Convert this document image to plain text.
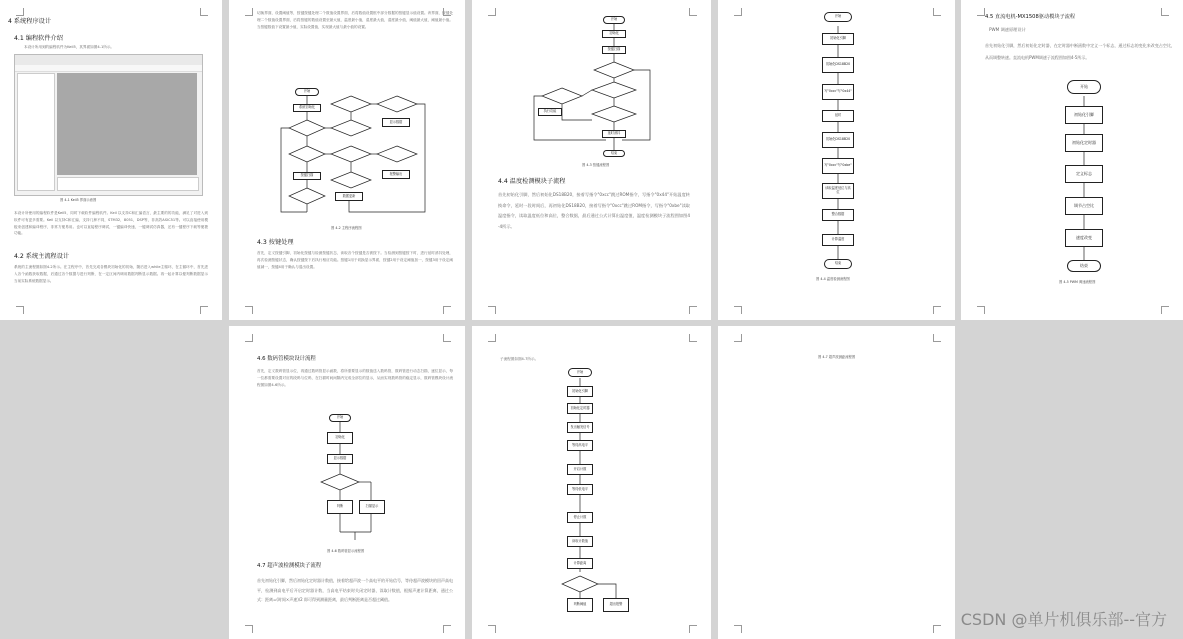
4 系统程序设计
4.1 编程软件介绍
本设计所用到的编程软件为Keil5，其界面如图4-1所示。
图 4-1 Keil5 界面示意图
本设计所使用的编程软件是Keil5，同时下载软件编程软件。Keil 以支持C和汇编语言，最主要的的功能，满足了对进入到软件可有更多需要。Keil 以支持C和汇编，支持几种不同，STM32，8051，DSP等，非高效ASIC51等。可以直接使用模板来创建和编译程序，非常方便易用。也可以直接程序调试，一键编译快速，一键调试仿真器，还有一键程序下载等便捷功能。
4.2 系统主流程设计
系统的主流程图如图4-2所示。在主程序中，首先完成各模块初始化的初始，随后进入while主循环，在主循环中，首先进入各个函数获取数据，后通过各个数据与进行判断，在一定区间内调用数据判断显示数据。再一起计算以便判断数据显示当前实际系统数据显示。
切换界面，设置阈值等，按键按键处理二个数值设置界面，后将数值设置框中部分数据的按键显示值设置。该界面，按键处理二个数值设置界面，后将按键的数值设置至最大值，温度最小值，湿度最大值，湿度最小值，阈值最大值，阈值最小值。当按键数值下设置最小值，实际设置值，实现最大值与最小值的设置。
开始
系统初始化
按键扫描
显示数据
报警输出
数据更新
图 4-2 主程序流程图
4.3 按键处理
首先，定义按键引脚，初始化按键与检测按键状态，读取各个按键是否被按下。当检测到按键按下时，进行延时消抖处理，再次检测按键状态，确认按键按下后执行相应功能。按键1用于切换显示界面，按键2用于设定阈值加一，按键3用于设定阈值减一，按键4用于确认与退出设置。
开始
初始化
按键扫描
延时消抖
执行功能
结束
图 4-3 按键流程图
4.4 温度检测模块子流程
首先初始化引脚，然后初始化DS18B20，接着写指令"0xcc"跳过ROM指令，写指令"0x44"开始温度转换命令，延时一段时间后，再初始化DS18B20，接着写指令"0xcc"跳过ROM指令，写指令"0xbe"读取温度指令，读取温度低位和高位，整合数据，最后通过公式计算出温度值，温度检测模块子流程图如图4-4所示。
开始
初始化引脚
初始化DS18B20
写"0xcc"写"0x44"
延时
初始化DS18B20
写"0xcc"写"0xbe"
读取温度低位与高位
整合数据
计算温度
结束
图 4-4 温度检测流程图
4.5 直流电机-MX1508驱动模块子流程
PWM 调速原理设计
首先初始化引脚，然后初始化定时器，在定时器中断函数中定义一个标志，通过标志的变化来改变占空比，从而调整转速。直流电机PWM调速子流程图如图4-5所示。
开始
初始化引脚
初始化定时器
定义标志
调节占空比
速度改变
结束
图 4-5 PWM 调速流程图
4.6 数码管模块设计流程
首先，定义数码管显示位，再通过数码管显示函数，将所需要显示的数值送入数码管，数码管进行动态扫描，逐位显示，每一位都需要设置对应的段码与位码，在扫描时间间隔内完成全部位的显示，从而实现数码管的稳定显示，数码管模块设计流程图如图4-6所示。
开始
初始化
显示数据
判断	扫描显示
图 4-6 数码管显示流程图
4.7 超声波检测模块子流程
首先初始化引脚，然后初始化定时器计数值，接着给超声波一个高电平的开始信号，等待超声波模块的回声高电平，检测到高电平后开启定时器计数，当高电平结束时关闭定时器，读取计数值，根据声速计算距离，通过公式：距离=(时间×声速)/2 即可得到测量距离，最后判断距离是否超过阈值。
子流程图如图4-7所示。
开始
初始化引脚
初始化定时器
发出触发信号
等待高电平
开启计数
等待低电平
停止计数
读取计数值
计算距离
判断阈值	超出报警
图 4-7 超声波测距流程图
CSDN @单片机俱乐部--官方
